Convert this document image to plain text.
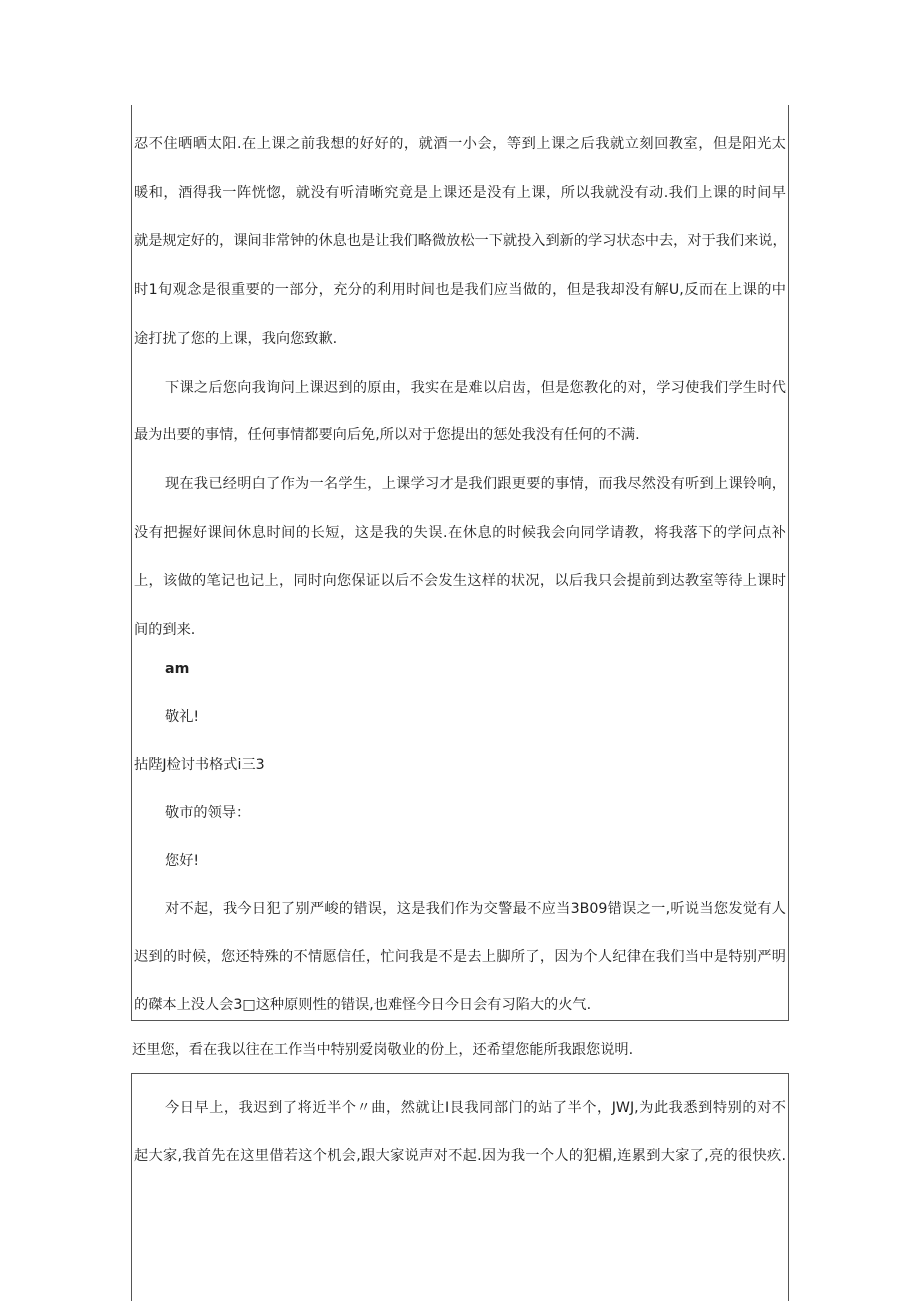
忍不住晒晒太阳.在上课之前我想的好好的，就酒一小会，等到上课之后我就立刻回教室，但是阳光太
暖和，酒得我一阵恍惚，就没有听清晰究竟是上课还是没有上课，所以我就没有动.我们上课的时间早
就是规定好的，课间非常钟的休息也是让我们略微放松一下就投入到新的学习状态中去，对于我们来说，
时1旬观念是很重要的一部分，充分的利用时间也是我们应当做的，但是我却没有解U,反而在上课的中
途打扰了您的上课，我向您致歉.
下课之后您向我询问上课迟到的原由，我实在是难以启齿，但是您教化的对，学习使我们学生时代
最为出要的事情，任何事情都要向后免,所以对于您提出的惩处我没有任何的不满.
现在我已经明白了作为一名学生，上课学习才是我们跟更要的事情，而我尽然没有听到上课铃响，
没有把握好课间休息时间的长短，这是我的失误.在休息的时候我会向同学请教，将我落下的学问点补
上，该做的笔记也记上，同时向您保证以后不会发生这样的状况，以后我只会提前到达教室等待上课时
间的到来.
am
敬礼!
拈陛J检讨书格式i三3
敬市的领导：
您好!
对不起，我今日犯了别严峻的错误，这是我们作为交警最不应当3B09错误之一,听说当您发觉有人
迟到的时候，您还特殊的不情愿信任，忙问我是不是去上脚所了，因为个人纪律在我们当中是特别严明
的磔本上没人会3□这种原则性的错误,也难怪今日今日会有习陷大的火气.
还里您，看在我以往在工作当中特别爱岗敬业的份上，还希望您能所我跟您说明.
今日早上，我迟到了将近半个〃曲，然就让I艮我同部门的站了半个，JWJ,为此我悉到特别的对不
起大家,我首先在这里借若这个机会,跟大家说声对不起.因为我一个人的犯楣,连累到大家了,亮的很快疚.
